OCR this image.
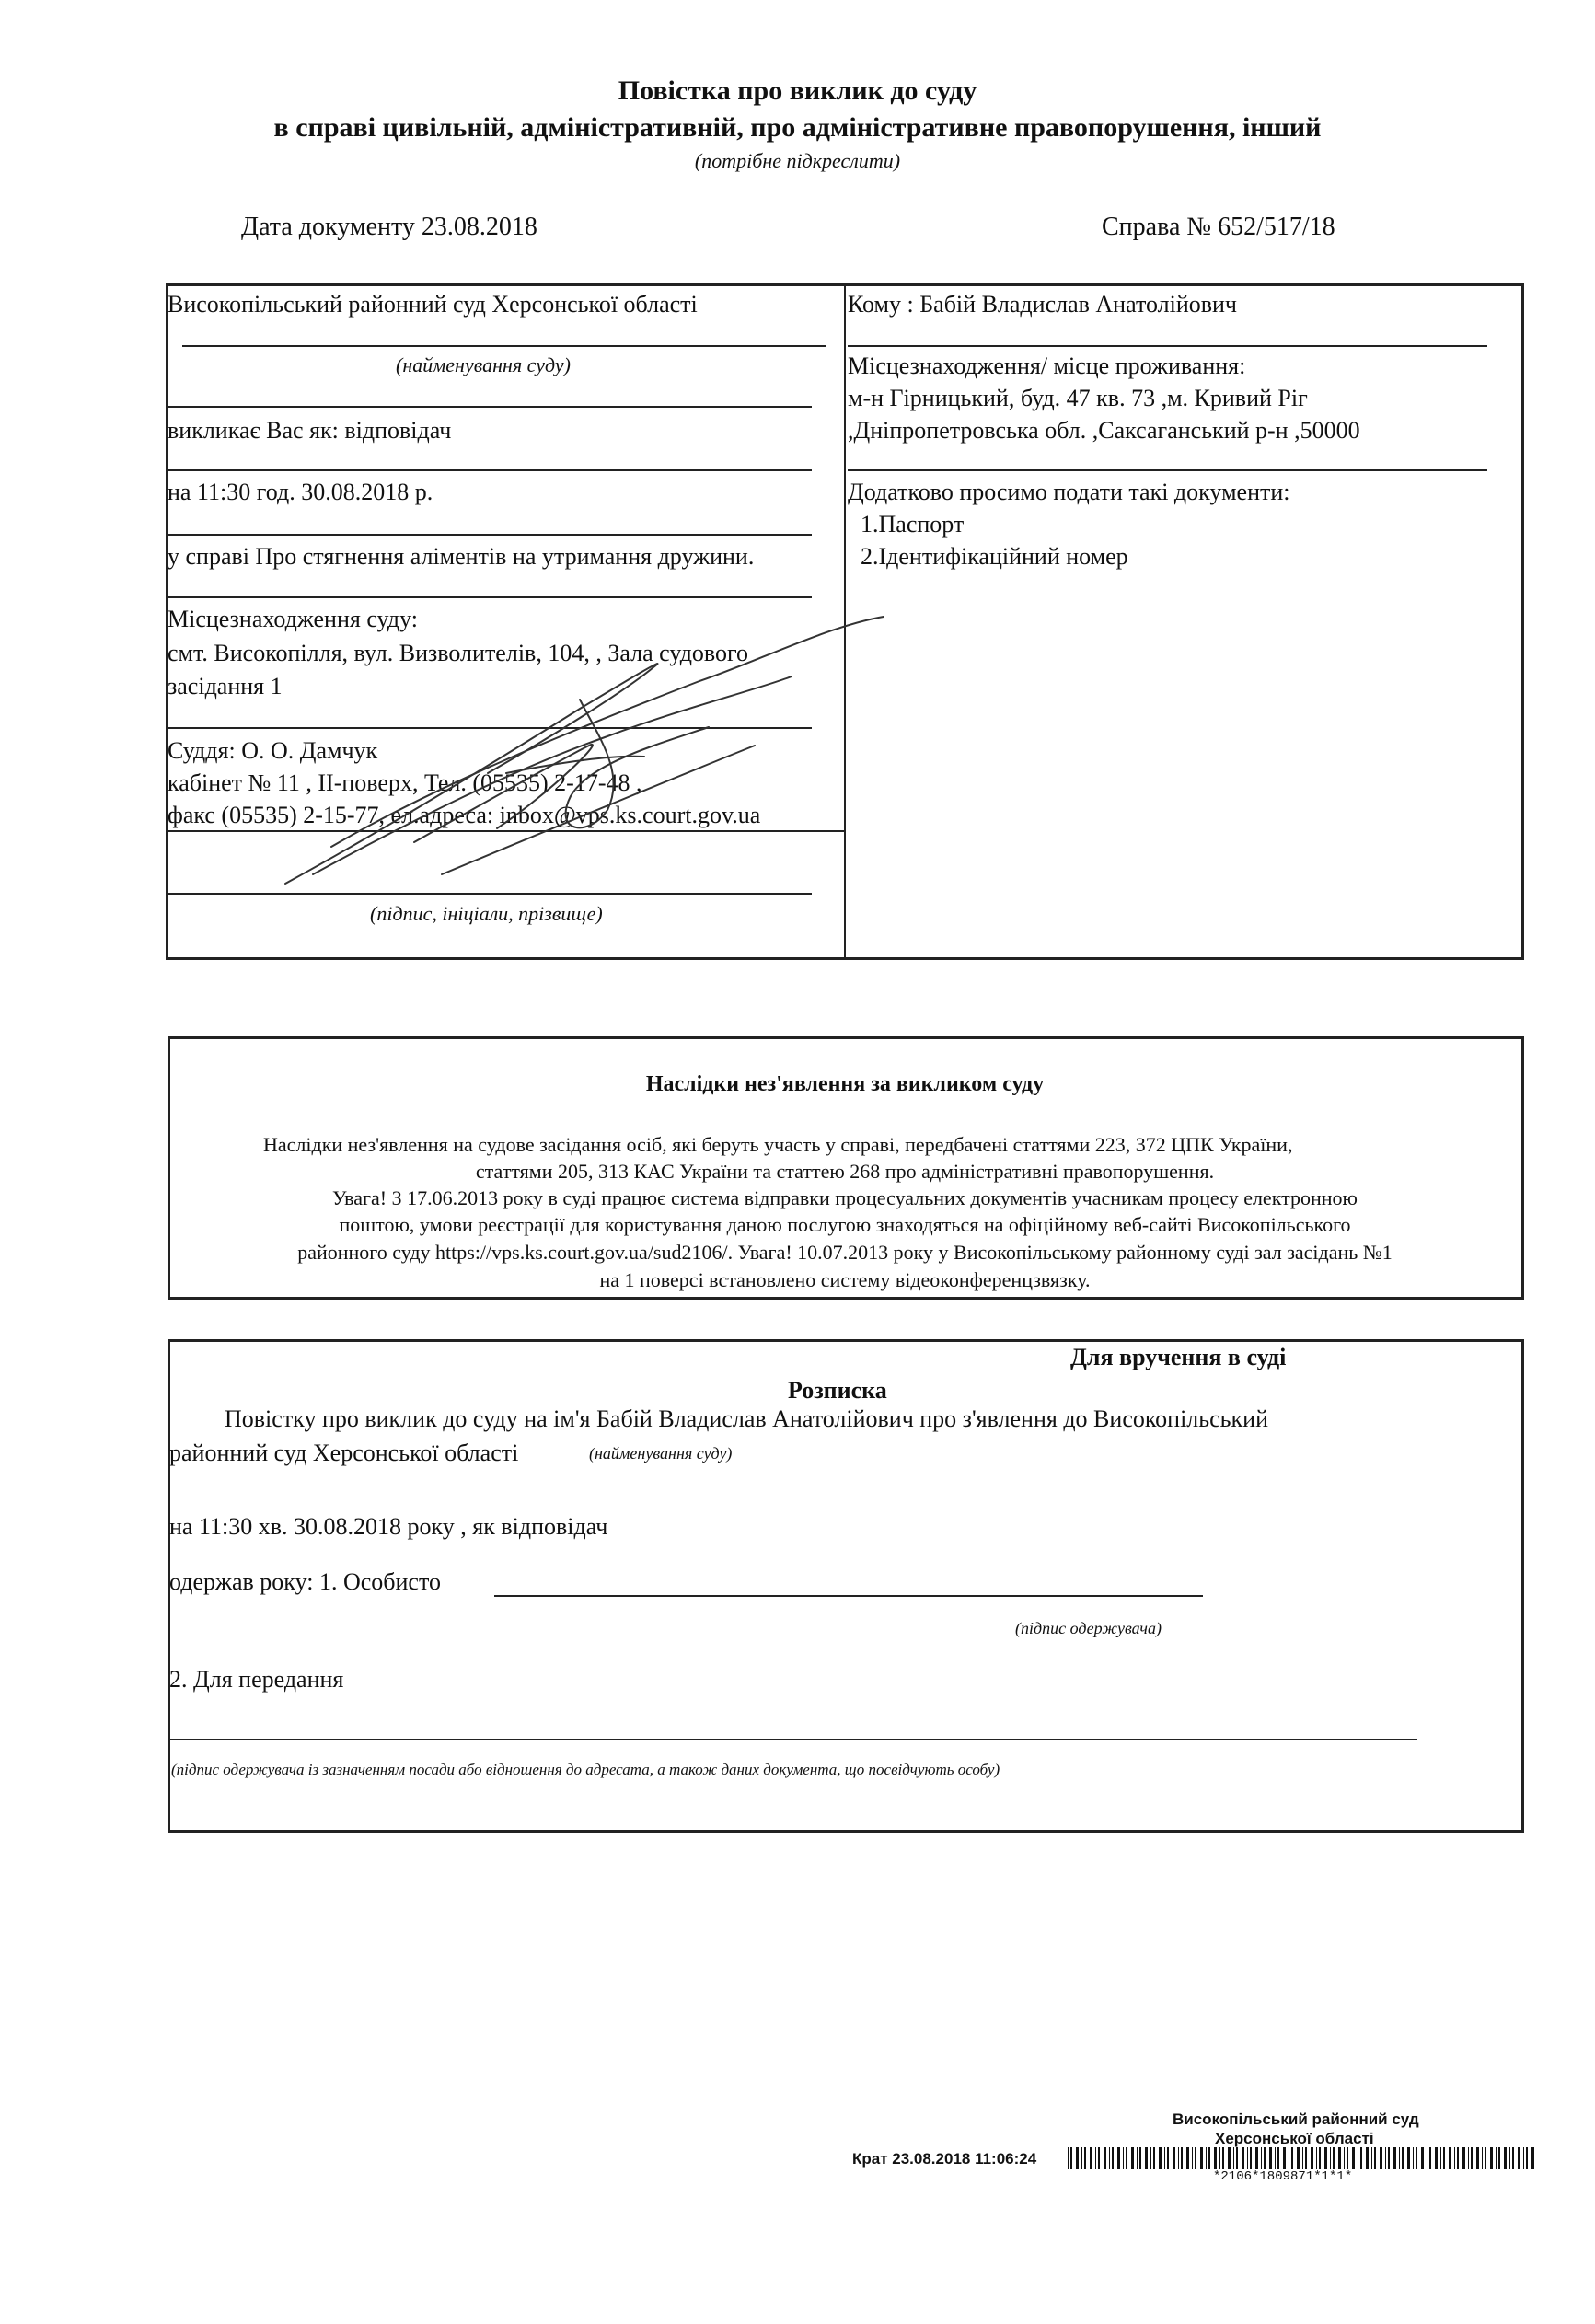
Повістка про виклик до суду
в справі цивільній, адміністративній, про адміністративне правопорушення, інший
(потрібне підкреслити)
Дата документу 23.08.2018	Справа № 652/517/18
Високопільський районний суд Херсонської області
(найменування суду)
викликає Вас як: відповідач
на 11:30 год. 30.08.2018 р.
у справі Про стягнення аліментів на утримання дружини.
Місцезнаходження суду:
смт. Високопілля, вул. Визволителів, 104, , Зала судового
засідання 1
Суддя: О. О. Дамчук
кабінет № 11 , ІІ-поверх, Тел. (05535) 2-17-48 ,
факс (05535) 2-15-77, ел.адреса: inbox@vps.ks.court.gov.ua
(підпис, ініціали, прізвище)
Кому : Бабій Владислав Анатолійович
Місцезнаходження/ місце проживання:
м-н Гірницький, буд. 47 кв. 73 ,м. Кривий Ріг
,Дніпропетровська обл. ,Саксаганський р-н ,50000
Додатково просимо подати такі документи:
1.Паспорт
2.Ідентифікаційний номер
Наслідки нез'явлення за викликом суду
Наслідки нез'явлення на судове засідання осіб, які беруть участь у справі, передбачені статтями 223, 372 ЦПК України,
статтями 205, 313 КАС України та статтею 268 про адміністративні правопорушення.
Увага! З 17.06.2013 року в суді працює система відправки процесуальних документів учасникам процесу електронною
поштою, умови реєстрації для користування даною послугою знаходяться на офіційному веб-сайті Високопільського
районного суду https://vps.ks.court.gov.ua/sud2106/. Увага! 10.07.2013 року у Високопільському районному суді зал засідань №1
на 1 поверсі встановлено систему відеоконференцзвязку.
Для вручення в суді
Розписка
Повістку про виклик до суду на ім'я Бабій Владислав Анатолійович про з'явлення до Високопільський
районний суд Херсонської області	(найменування суду)
на 11:30 хв. 30.08.2018 року , як відповідач
одержав року: 1. Особисто
(підпис одержувача)
2. Для передання
(підпис одержувача із зазначенням посади або відношення до адресата, а також даних документа, що посвідчують особу)
Високопільський районний суд
Херсонської області
Крат 23.08.2018 11:06:24
*2106*1809871*1*1*
